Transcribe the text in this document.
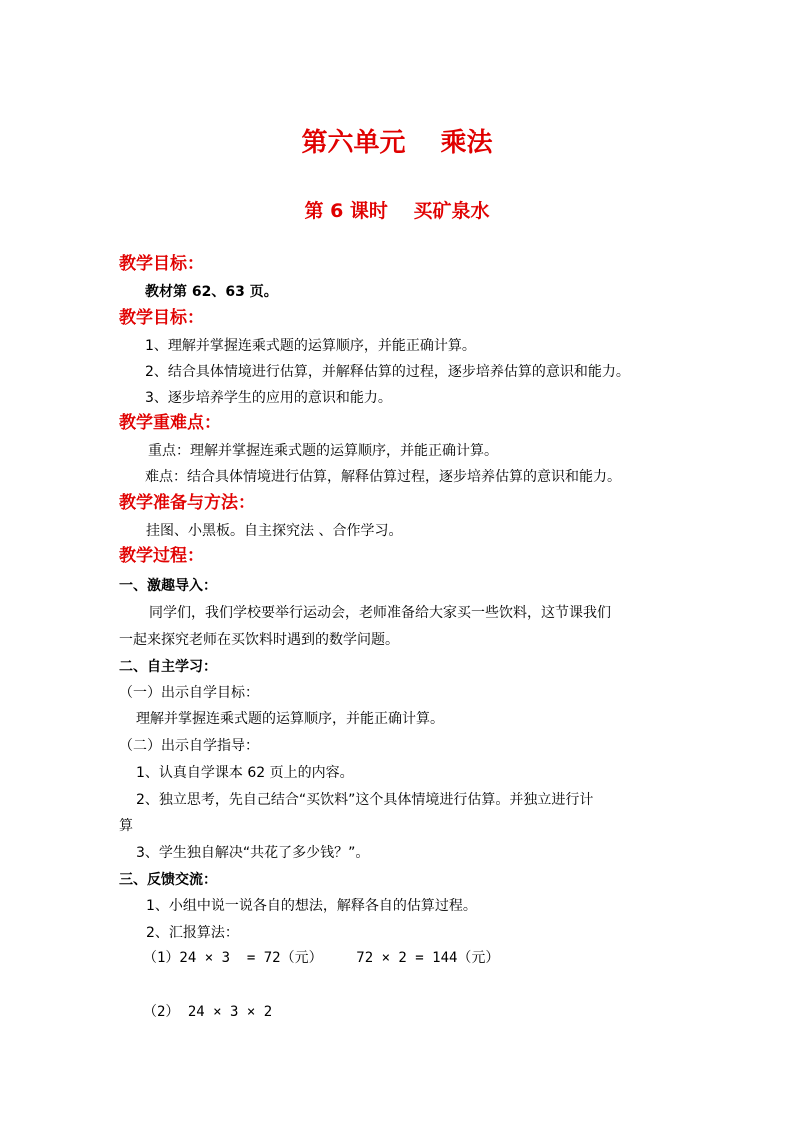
第六单元　 乘法
第 6 课时　 买矿泉水
教学目标：
教材第 62、63 页。
教学目标：
1、理解并掌握连乘式题的运算顺序，并能正确计算。
2、结合具体情境进行估算，并解释估算的过程，逐步培养估算的意识和能力。
3、逐步培养学生的应用的意识和能力。
教学重难点：
重点：理解并掌握连乘式题的运算顺序，并能正确计算。
难点：结合具体情境进行估算，解释估算过程，逐步培养估算的意识和能力。
教学准备与方法：
挂图、小黑板。自主探究法 、合作学习。
教学过程：
一、激趣导入：
同学们，我们学校要举行运动会，老师准备给大家买一些饮料，这节课我们
一起来探究老师在买饮料时遇到的数学问题。
二、自主学习：
（一）出示自学目标：
理解并掌握连乘式题的运算顺序，并能正确计算。
（二）出示自学指导：
1、认真自学课本 62 页上的内容。
2、独立思考，先自己结合“买饮料”这个具体情境进行估算。并独立进行计
算
3、学生独自解决“共花了多少钱？”。
三、反馈交流：
1、小组中说一说各自的想法，解释各自的估算过程。
2、汇报算法：
（1）24 × 3  = 72（元）    72 × 2 = 144（元）
（2） 24 × 3 × 2
